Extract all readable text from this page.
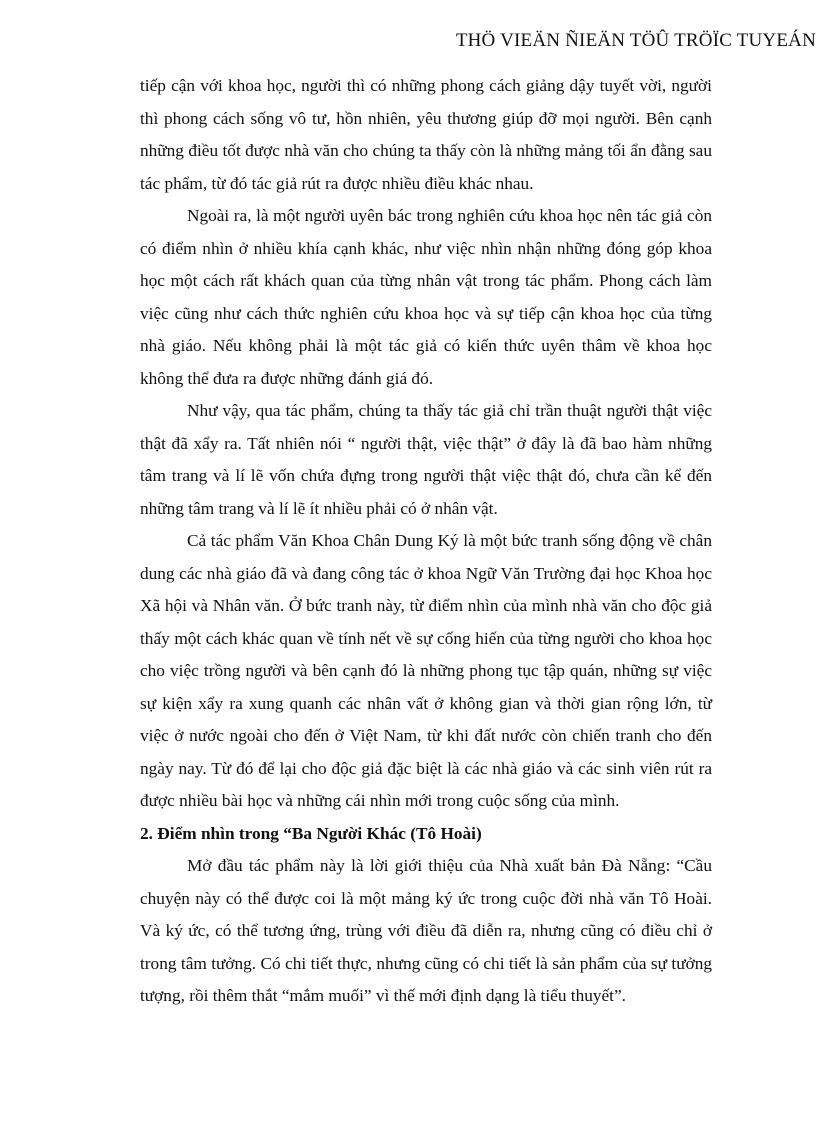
THÖ VIEÄN ÑIEÄN TÖÛ TRÖÏC TUYEÁN

tiếp cận với khoa học, người thì có những phong cách giảng dậy tuyết vời, người thì phong cách sống vô tư, hồn nhiên, yêu thương giúp đỡ mọi người. Bên cạnh những điều tốt được nhà văn cho chúng ta thấy còn là những mảng tối ẩn đằng sau tác phẩm, từ đó tác giả rút ra được nhiều điều khác nhau.

Ngoài ra, là một người uyên bác trong nghiên cứu khoa học nên tác giả còn có điểm nhìn ở nhiều khía cạnh khác, như việc nhìn nhận những đóng góp khoa học một cách rất khách quan của từng nhân vật trong tác phẩm. Phong cách làm việc cũng như cách thức nghiên cứu khoa học và sự tiếp cận khoa học của từng nhà giáo. Nếu không phải là một tác giả có kiến thức uyên thâm về khoa học không thể đưa ra được những đánh giá đó.

Như vậy, qua tác phẩm, chúng ta thấy tác giả chỉ trần thuật người thật việc thật đã xẩy ra. Tất nhiên nói “ người thật, việc thật” ở đây là đã bao hàm những tâm trang và lí lẽ vốn chứa đựng trong người thật việc thật đó, chưa cần kể đến những tâm trang và lí lẽ ít nhiều phải có ở nhân vật.

Cả tác phẩm Văn Khoa Chân Dung Ký là một bức tranh sống động về chân dung các nhà giáo đã và đang công tác ở khoa Ngữ Văn Trường đại học Khoa học Xã hội và Nhân văn. Ở bức tranh này, từ điểm nhìn của mình nhà văn cho độc giả thấy một cách khác quan về tính nết về sự cống hiến của từng người cho khoa học cho việc trồng người và bên cạnh đó là những phong tục tập quán, những sự việc sự kiện xẩy ra xung quanh các nhân vất ở không gian và thời gian rộng lớn, từ việc ở nước ngoài cho đến ở Việt Nam, từ khi đất nước còn chiến tranh cho đến ngày nay. Từ đó để lại cho độc giả đặc biệt là các nhà giáo và các sinh viên rút ra được nhiều bài học và những cái nhìn mới trong cuộc sống của mình.

2. Điểm nhìn trong “Ba Người Khác (Tô Hoài)

Mở đầu tác phẩm này là lời giới thiệu của Nhà xuất bản Đà Nẵng: “Cầu chuyện này có thể được coi là một mảng ký ức trong cuộc đời nhà văn Tô Hoài. Và ký ức, có thể tương ứng, trùng với điều đã diễn ra, nhưng cũng có điều chỉ ở trong tâm tưởng. Có chi tiết thực, nhưng cũng có chi tiết là sản phẩm của sự tưởng tượng, rồi thêm thắt “mắm muối” vì thế mới định dạng là tiểu thuyết”.
